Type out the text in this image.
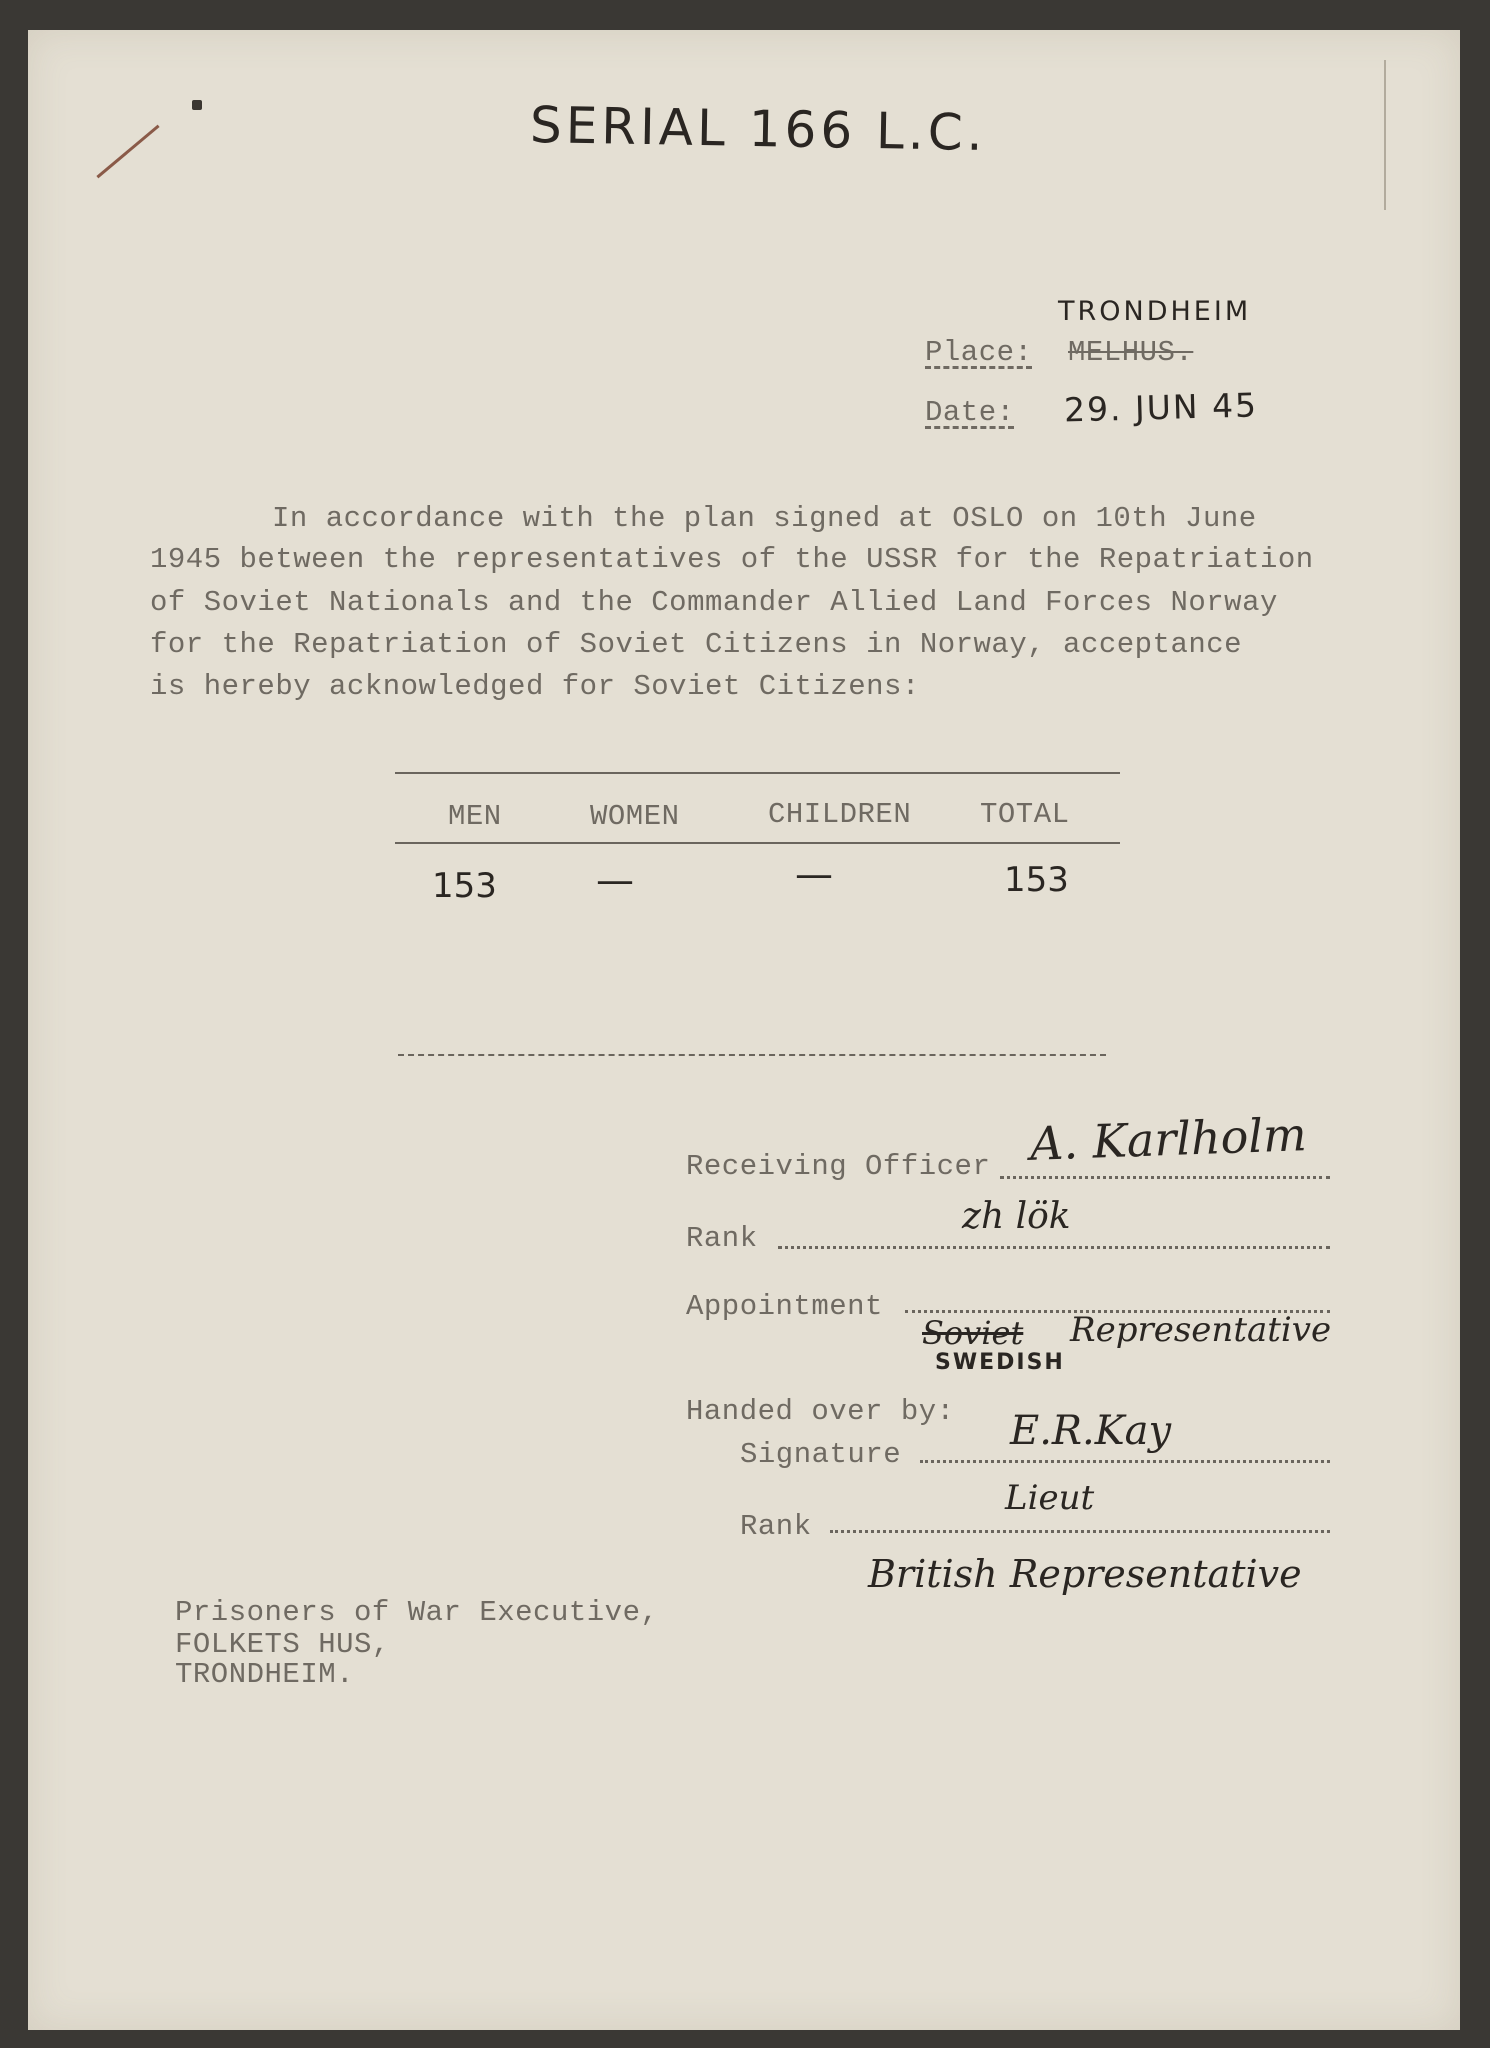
SERIAL 166 L.C.
TRONDHEIM
Place: MELHUS.
Date: 29. JUN 45
In accordance with the plan signed at OSLO on 10th June
1945 between the representatives of the USSR for the Repatriation
of Soviet Nationals and the Commander Allied Land Forces Norway
for the Repatriation of Soviet Citizens in Norway, acceptance
is hereby acknowledged for Soviet Citizens:
MEN	WOMEN	CHILDREN TOTAL
153	—	—	153
Receiving Officer A. Karlholm
Rank
zh lök
Appointment
Soviet Representative
SWEDISH
Handed over by:
Signature
E.R.Kay
Rank
Lieut
British Representative
Prisoners of War Executive,
FOLKETS HUS,
TRONDHEIM.
